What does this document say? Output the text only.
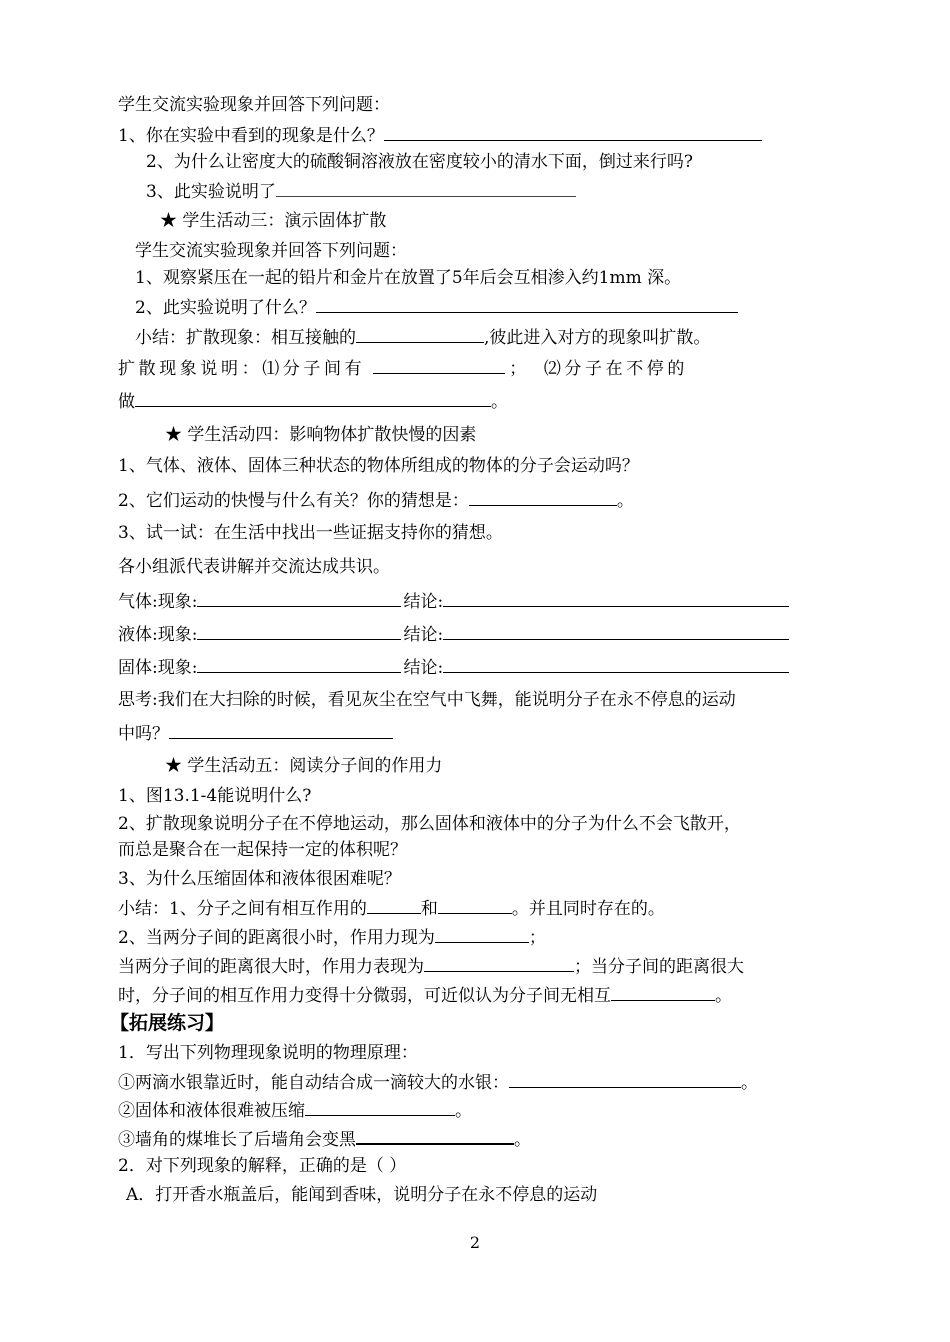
学生交流实验现象并回答下列问题：
1、你在实验中看到的现象是什么？
2、为什么让密度大的硫酸铜溶液放在密度较小的清水下面，倒过来行吗?
3、此实验说明了
★ 学生活动三：演示固体扩散
学生交流实验现象并回答下列问题：
1、观察紧压在一起的铅片和金片在放置了5年后会互相渗入约1mm 深。
2、此实验说明了什么？
小结：扩散现象：相互接触的	,彼此进入对方的现象叫扩散。
扩散现象说明：⑴分子间有	； ⑵分子在不停的
做	。
★ 学生活动四：影响物体扩散快慢的因素
1、气体、液体、固体三种状态的物体所组成的物体的分子会运动吗？
2、它们运动的快慢与什么有关？你的猜想是：	。
3、试一试：在生活中找出一些证据支持你的猜想。
各小组派代表讲解并交流达成共识。
气体:现象:	结论:
液体:现象:	结论:
固体:现象:	结论:
思考:我们在大扫除的时候，看见灰尘在空气中飞舞，能说明分子在永不停息的运动
中吗？
★ 学生活动五：阅读分子间的作用力
1、图13.1-4能说明什么?
2、扩散现象说明分子在不停地运动，那么固体和液体中的分子为什么不会飞散开，
而总是聚合在一起保持一定的体积呢？
3、为什么压缩固体和液体很困难呢？
小结：1、分子之间有相互作用的	和	。并且同时存在的。
2、当两分子间的距离很小时，作用力现为	；
当两分子间的距离很大时，作用力表现为	；当分子间的距离很大
时，分子间的相互作用力变得十分微弱，可近似认为分子间无相互	。
【拓展练习】
1．写出下列物理现象说明的物理原理：
①两滴水银靠近时，能自动结合成一滴较大的水银：	。
②固体和液体很难被压缩	。
③墙角的煤堆长了后墙角会变黑	。
2．对下列现象的解释，正确的是（ ）
A．打开香水瓶盖后，能闻到香味，说明分子在永不停息的运动
2
